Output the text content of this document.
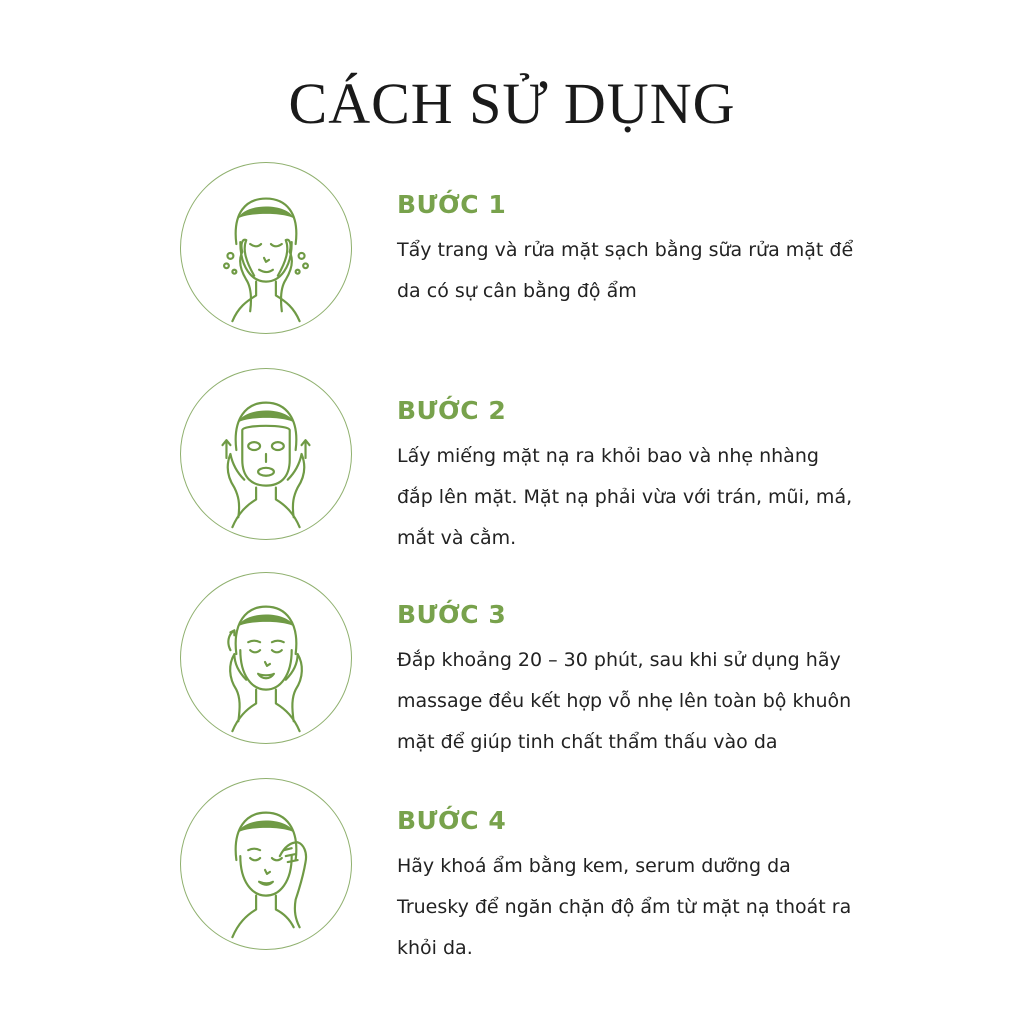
CÁCH SỬ DỤNG
BƯỚC 1
Tẩy trang và rửa mặt sạch bằng sữa rửa mặt để
da có sự cân bằng độ ẩm
BƯỚC 2
Lấy miếng mặt nạ ra khỏi bao và nhẹ nhàng
đắp lên mặt. Mặt nạ phải vừa với trán, mũi, má,
mắt và cằm.
BƯỚC 3
Đắp khoảng 20 – 30 phút, sau khi sử dụng hãy
massage đều kết hợp vỗ nhẹ lên toàn bộ khuôn
mặt để giúp tinh chất thẩm thấu vào da
BƯỚC 4
Hãy khoá ẩm bằng kem, serum dưỡng da
Truesky để ngăn chặn độ ẩm từ mặt nạ thoát ra
khỏi da.
